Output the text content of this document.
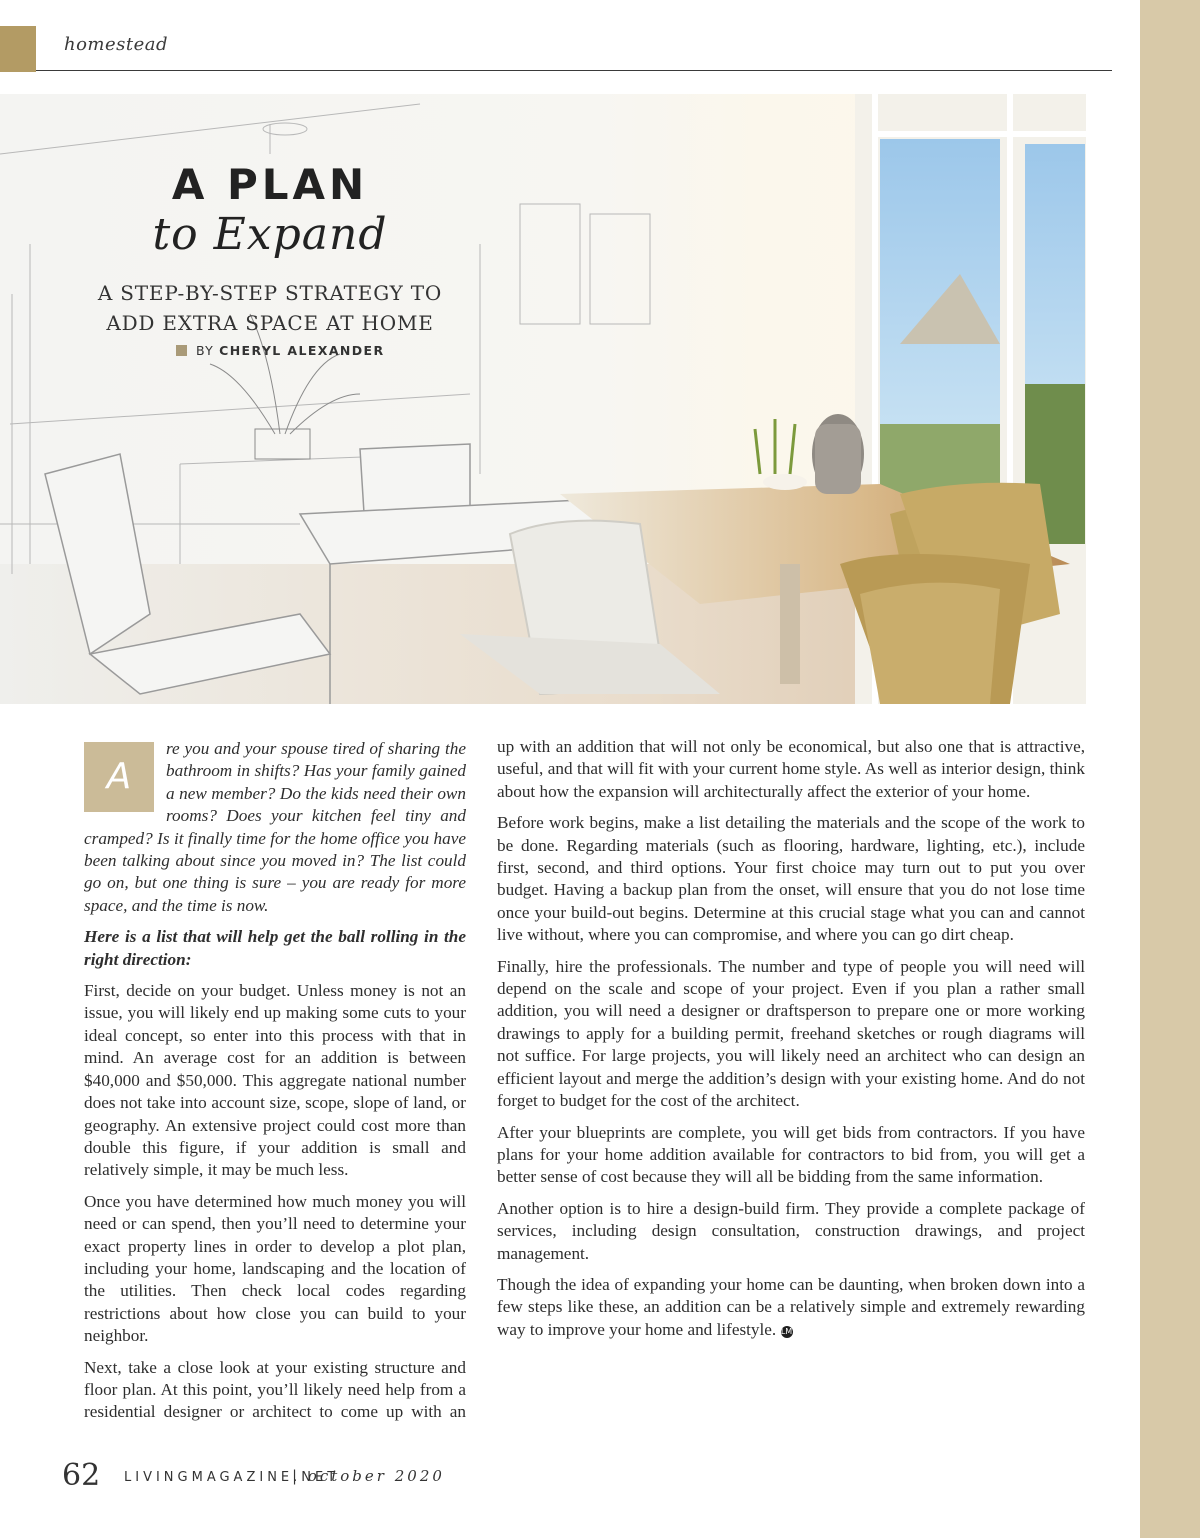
homestead

A PLAN

to Expand

A STEP-BY-STEP STRATEGY TO
ADD EXTRA SPACE AT HOME
BY CHERYL ALEXANDER

A
re you and your spouse tired of sharing the bathroom in shifts? Has your family gained a new member? Do the kids need their own rooms? Does your kitchen feel tiny and cramped? Is it finally time for the home office you have been talking about since you moved in? The list could go on, but one thing is sure – you are ready for more space, and the time is now.

Here is a list that will help get the ball rolling in the right direction:

First, decide on your budget. Unless money is not an issue, you will likely end up making some cuts to your ideal concept, so enter into this process with that in mind. An average cost for an addition is between $40,000 and $50,000. This aggregate national number does not take into account size, scope, slope of land, or geography. An extensive project could cost more than double this figure, if your addition is small and relatively simple, it may be much less.

Once you have determined how much money you will need or can spend, then you’ll need to determine your exact property lines in order to develop a plot plan, including your home, landscaping and the location of the utilities. Then check local codes regarding restrictions about how close you can build to your neighbor.

Next, take a close look at your existing structure and floor plan. At this point, you’ll likely need help from a residential designer or architect to come up with an

up with an addition that will not only be economical, but also one that is attractive, useful, and that will fit with your current home style. As well as interior design, think about how the expansion will architecturally affect the exterior of your home.

Before work begins, make a list detailing the materials and the scope of the work to be done. Regarding materials (such as flooring, hardware, lighting, etc.), include first, second, and third options. Your first choice may turn out to put you over budget. Having a backup plan from the onset, will ensure that you do not lose time once your build-out begins. Determine at this crucial stage what you can and cannot live without, where you can compromise, and where you can go dirt cheap.

Finally, hire the professionals. The number and type of people you will need will depend on the scale and scope of your project. Even if you plan a rather small addition, you will need a designer or draftsperson to prepare one or more working drawings to apply for a building permit, freehand sketches or rough diagrams will not suffice. For large projects, you will likely need an architect who can design an efficient layout and merge the addition’s design with your existing home. And do not forget to budget for the cost of the architect.

After your blueprints are complete, you will get bids from contractors. If you have plans for your home addition available for contractors to bid from, you will get a better sense of cost because they will all be bidding from the same information.

Another option is to hire a design-build firm. They provide a complete package of services, including design consultation, construction drawings, and project management.

Though the idea of expanding your home can be daunting, when broken down into a few steps like these, an addition can be a relatively simple and extremely rewarding way to improve your home and lifestyle. LM

62 LIVINGMAGAZINE.NET
| october 2020
